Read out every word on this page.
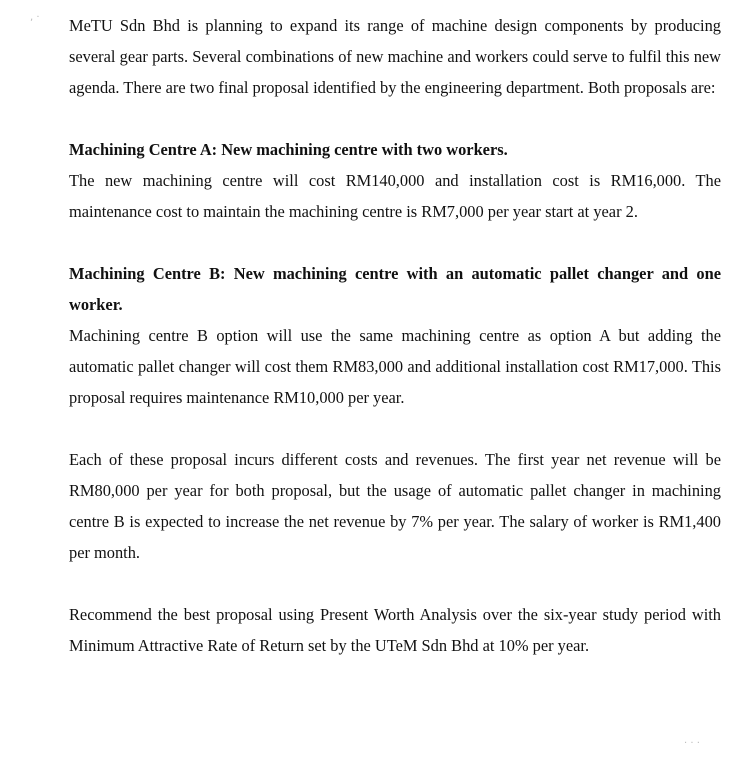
, · MeTU Sdn Bhd is planning to expand its range of machine design components by producing several gear parts. Several combinations of new machine and workers could serve to fulfil this new agenda. There are two final proposal identified by the engineering department. Both proposals are:

Machining Centre A: New machining centre with two workers.

The new machining centre will cost RM140,000 and installation cost is RM16,000. The maintenance cost to maintain the machining centre is RM7,000 per year start at year 2.

Machining Centre B: New machining centre with an automatic pallet changer and one worker.

Machining centre B option will use the same machining centre as option A but adding the automatic pallet changer will cost them RM83,000 and additional installation cost RM17,000. This proposal requires maintenance RM10,000 per year.

Each of these proposal incurs different costs and revenues. The first year net revenue will be RM80,000 per year for both proposal, but the usage of automatic pallet changer in machining centre B is expected to increase the net revenue by 7% per year. The salary of worker is RM1,400 per month.

Recommend the best proposal using Present Worth Analysis over the six-year study period with Minimum Attractive Rate of Return set by the UTeM Sdn Bhd at 10% per year.

· · ·
